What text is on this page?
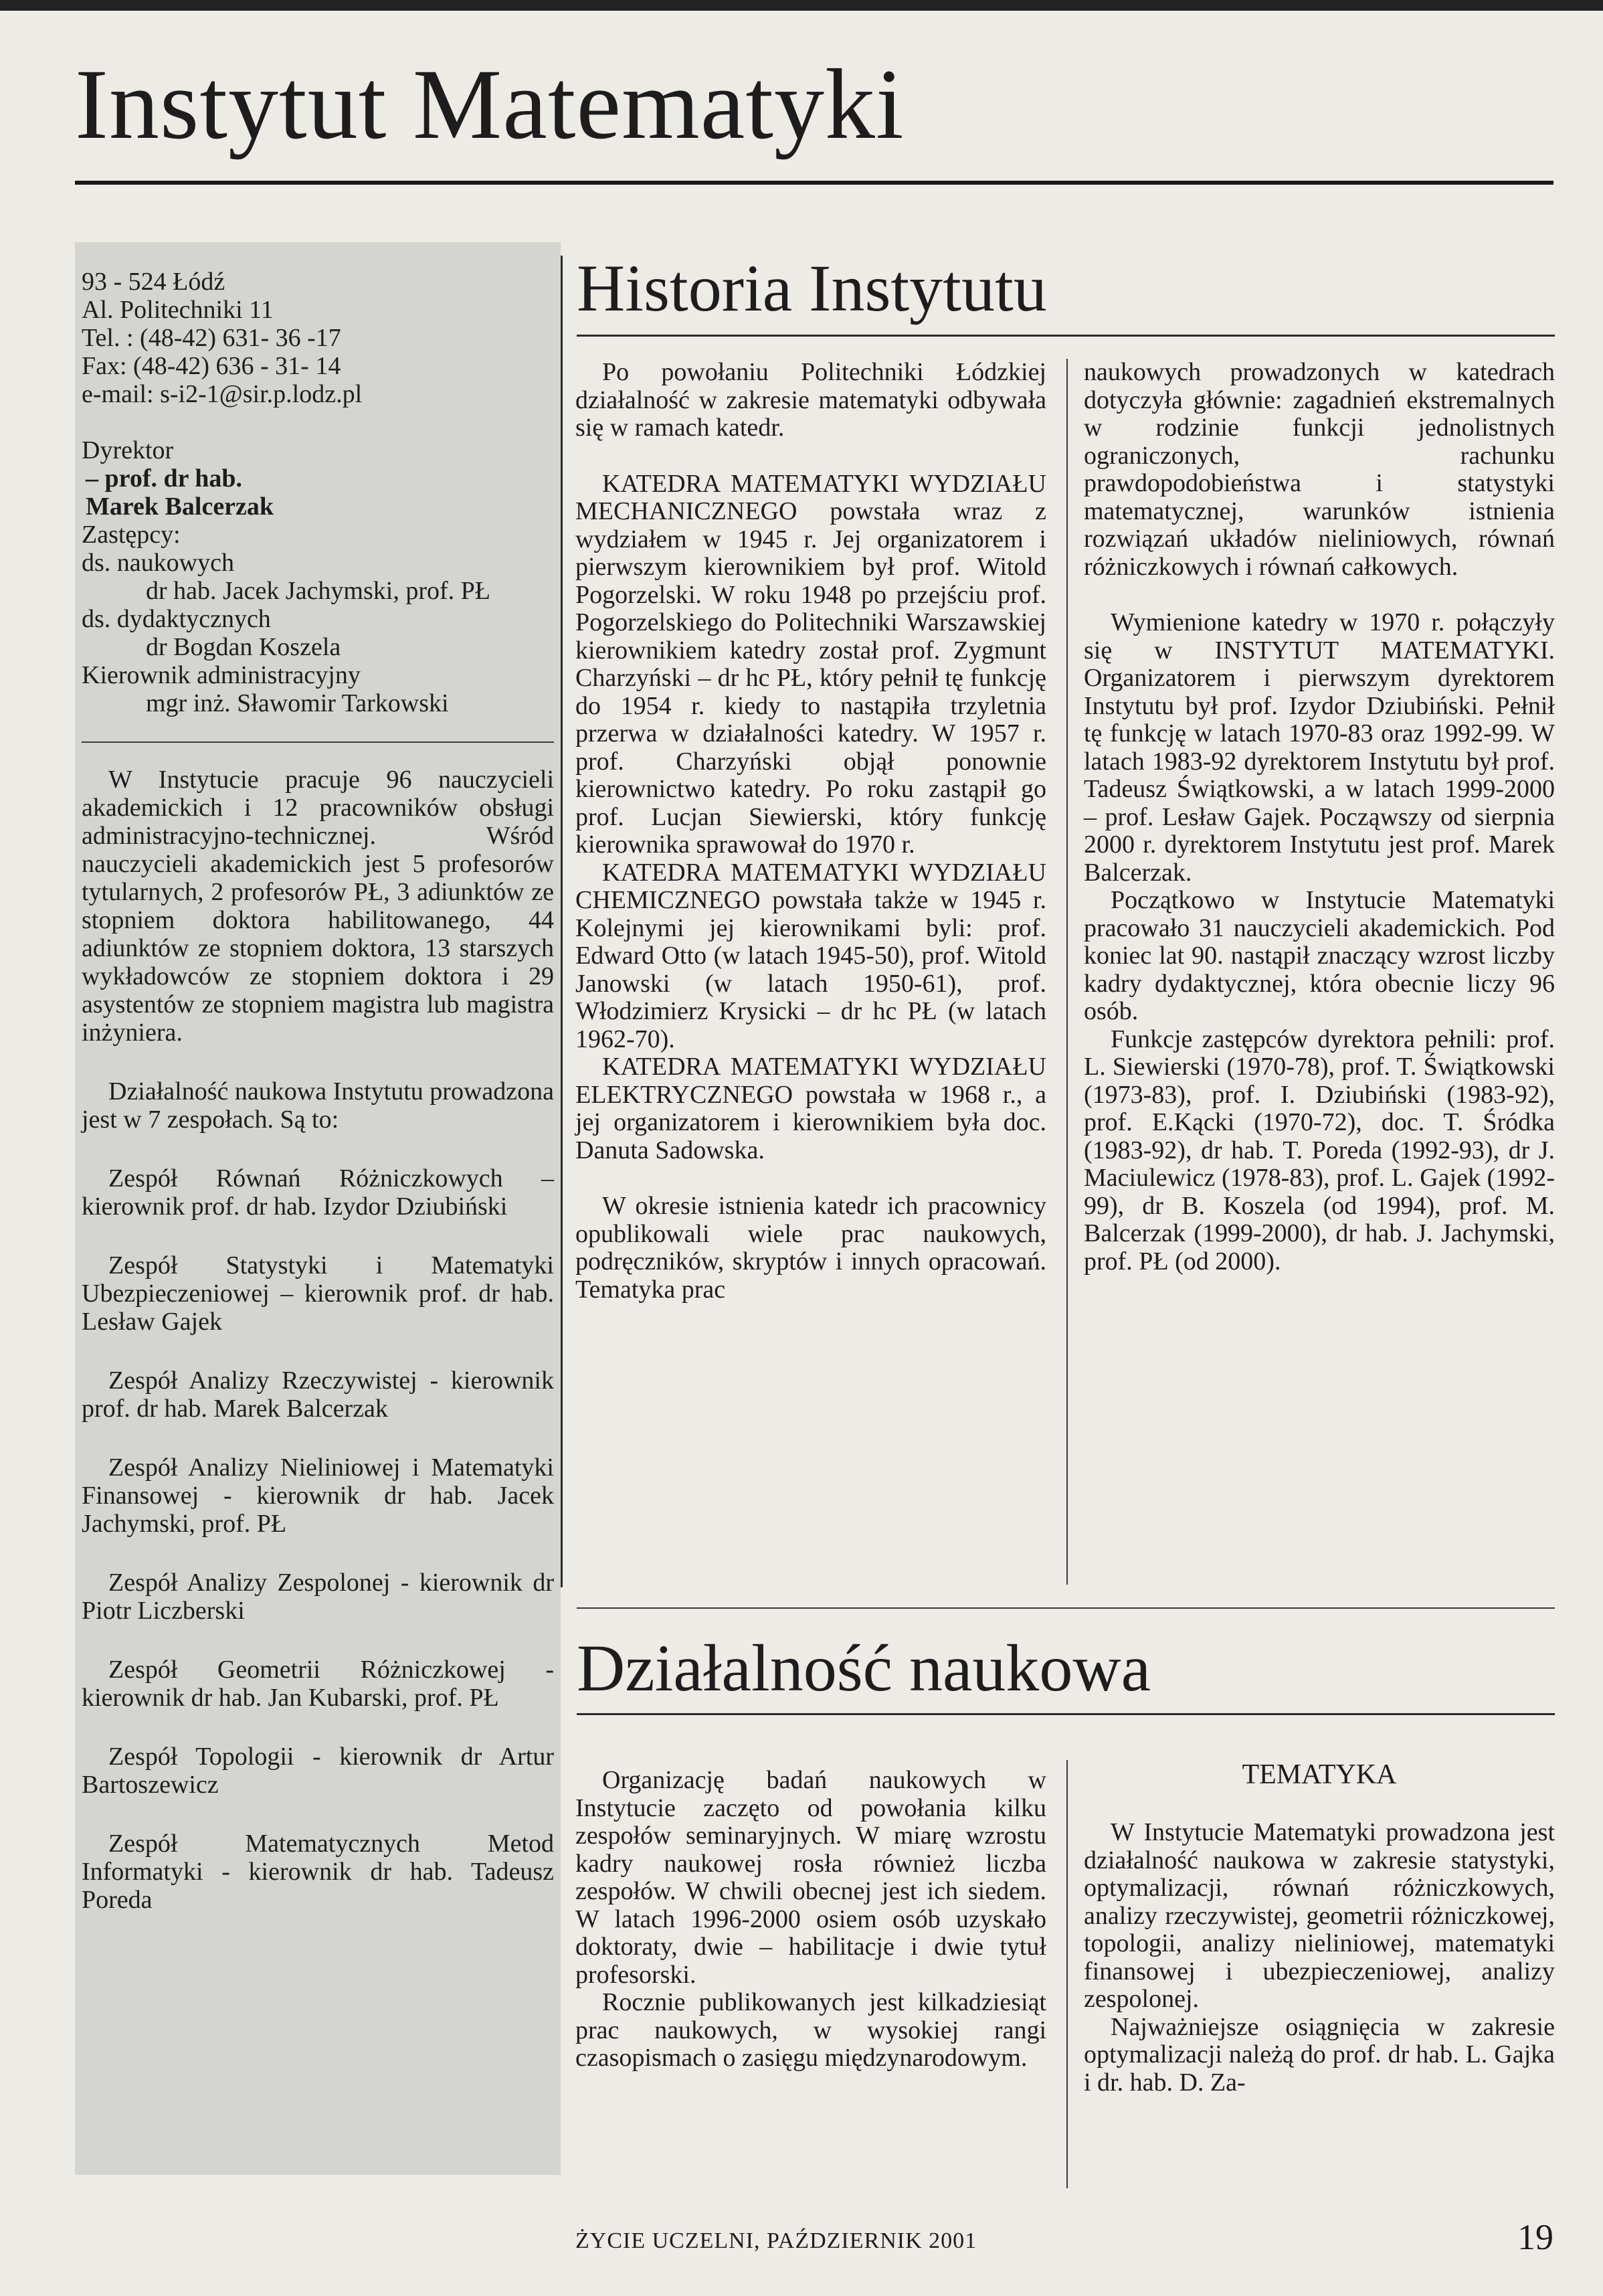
Instytut Matematyki

93 - 524 Łódź

Al. Politechniki 11

Tel. : (48-42) 631- 36 -17

Fax: (48-42) 636 - 31- 14

e-mail: s-i2-1@sir.p.lodz.pl

Dyrektor

– prof. dr hab.

Marek Balcerzak

Zastępcy:

ds. naukowych

dr hab. Jacek Jachymski, prof. PŁ

ds. dydaktycznych

dr Bogdan Koszela

Kierownik administracyjny

mgr inż. Sławomir Tarkowski

W Instytucie pracuje 96 nauczycieli akademickich i 12 pracowników obsługi administracyjno-technicznej. Wśród nauczycieli akademickich jest 5 profesorów tytularnych, 2 profesorów PŁ, 3 adiunktów ze stopniem doktora habilitowanego, 44 adiunktów ze stopniem doktora, 13 starszych wykładowców ze stopniem doktora i 29 asystentów ze stopniem magistra lub magistra inżyniera.

Działalność naukowa Instytutu prowadzona jest w 7 zespołach. Są to:

Zespół Równań Różniczkowych – kierownik prof. dr hab. Izydor Dziubiński

Zespół Statystyki i Matematyki Ubezpieczeniowej – kierownik prof. dr hab. Lesław Gajek

Zespół Analizy Rzeczywistej - kierownik prof. dr hab. Marek Balcerzak

Zespół Analizy Nieliniowej i Matematyki Finansowej - kierownik dr hab. Jacek Jachymski, prof. PŁ

Zespół Analizy Zespolonej - kierownik dr Piotr Liczberski

Zespół Geometrii Różniczkowej - kierownik dr hab. Jan Kubarski, prof. PŁ

Zespół Topologii - kierownik dr Artur Bartoszewicz

Zespół Matematycznych Metod Informatyki - kierownik dr hab. Tadeusz Poreda

Historia Instytutu

Po powołaniu Politechniki Łódzkiej działalność w zakresie matematyki odbywała się w ramach katedr.

KATEDRA MATEMATYKI WYDZIAŁU MECHANICZNEGO powstała wraz z wydziałem w 1945 r. Jej organizatorem i pierwszym kierownikiem był prof. Witold Pogorzelski. W roku 1948 po przejściu prof. Pogorzelskiego do Politechniki Warszawskiej kierownikiem katedry został prof. Zygmunt Charzyński – dr hc PŁ, który pełnił tę funkcję do 1954 r. kiedy to nastąpiła trzyletnia przerwa w działalności katedry. W 1957 r. prof. Charzyński objął ponownie kierownictwo katedry. Po roku zastąpił go prof. Lucjan Siewierski, który funkcję kierownika sprawował do 1970 r.

KATEDRA MATEMATYKI WYDZIAŁU CHEMICZNEGO powstała także w 1945 r. Kolejnymi jej kierownikami byli: prof. Edward Otto (w latach 1945-50), prof. Witold Janowski (w latach 1950-61), prof. Włodzimierz Krysicki – dr hc PŁ (w latach 1962-70).

KATEDRA MATEMATYKI WYDZIAŁU ELEKTRYCZNEGO powstała w 1968 r., a jej organizatorem i kierownikiem była doc. Danuta Sadowska.

W okresie istnienia katedr ich pracownicy opublikowali wiele prac naukowych, podręczników, skryptów i innych opracowań. Tematyka prac

naukowych prowadzonych w katedrach dotyczyła głównie: zagadnień ekstremalnych w rodzinie funkcji jednolistnych ograniczonych, rachunku prawdopodobieństwa i statystyki matematycznej, warunków istnienia rozwiązań układów nieliniowych, równań różniczkowych i równań całkowych.

Wymienione katedry w 1970 r. połączyły się w INSTYTUT MATEMATYKI. Organizatorem i pierwszym dyrektorem Instytutu był prof. Izydor Dziubiński. Pełnił tę funkcję w latach 1970-83 oraz 1992-99. W latach 1983-92 dyrektorem Instytutu był prof. Tadeusz Świątkowski, a w latach 1999-2000 – prof. Lesław Gajek. Począwszy od sierpnia 2000 r. dyrektorem Instytutu jest prof. Marek Balcerzak.

Początkowo w Instytucie Matematyki pracowało 31 nauczycieli akademickich. Pod koniec lat 90. nastąpił znaczący wzrost liczby kadry dydaktycznej, która obecnie liczy 96 osób.

Funkcje zastępców dyrektora pełnili: prof. L. Siewierski (1970-78), prof. T. Świątkowski (1973-83), prof. I. Dziubiński (1983-92), prof. E.Kącki (1970-72), doc. T. Śródka (1983-92), dr hab. T. Poreda (1992-93), dr J. Maciulewicz (1978-83), prof. L. Gajek (1992-99), dr B. Koszela (od 1994), prof. M. Balcerzak (1999-2000), dr hab. J. Jachymski, prof. PŁ (od 2000).

Działalność naukowa

Organizację badań naukowych w Instytucie zaczęto od powołania kilku zespołów seminaryjnych. W miarę wzrostu kadry naukowej rosła również liczba zespołów. W chwili obecnej jest ich siedem. W latach 1996-2000 osiem osób uzyskało doktoraty, dwie – habilitacje i dwie tytuł profesorski.

Rocznie publikowanych jest kilkadziesiąt prac naukowych, w wysokiej rangi czasopismach o zasięgu międzynarodowym.

TEMATYKA

W Instytucie Matematyki prowadzona jest działalność naukowa w zakresie statystyki, optymalizacji, równań różniczkowych, analizy rzeczywistej, geometrii różniczkowej, topologii, analizy nieliniowej, matematyki finansowej i ubezpieczeniowej, analizy zespolonej.

Najważniejsze osiągnięcia w zakresie optymalizacji należą do prof. dr hab. L. Gajka i dr. hab. D. Za-

ŻYCIE UCZELNI, PAŹDZIERNIK 2001	19
